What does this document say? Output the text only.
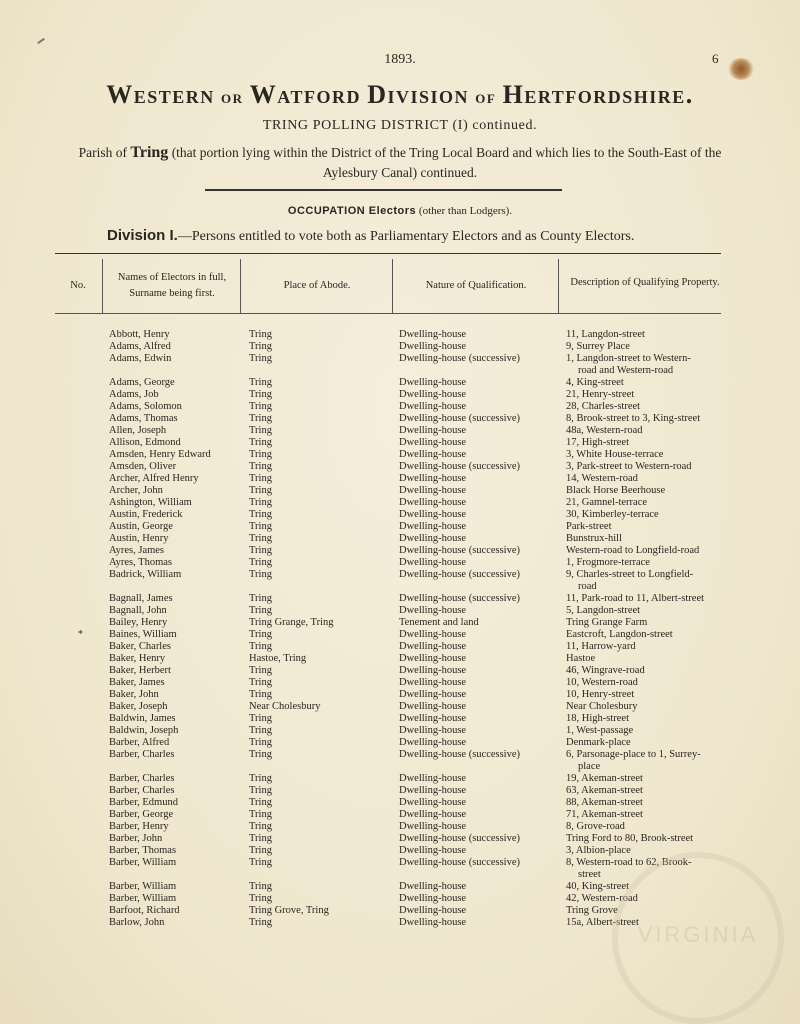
1893.	6
Western or Watford Division of Hertfordshire.
TRING POLLING DISTRICT (I) continued.
Parish of Tring (that portion lying within the District of the Tring Local Board and which lies to the South-East of the Aylesbury Canal) continued.
OCCUPATION Electors (other than Lodgers).
Division I.—Persons entitled to vote both as Parliamentary Electors and as County Electors.
No.
Names of Electors in full, Surname being first.
Place of Abode.	Nature of Qualification.	Description of Qualifying Property.
*
Abbott, Henry	Tring	Dwelling-house	11, Langdon-street
Adams, Alfred	Tring	Dwelling-house	9, Surrey Place
Adams, Edwin	Tring	Dwelling-house (successive)	1, Langdon-street to Western-
road and Western-road
Adams, George	Tring	Dwelling-house	4, King-street
Adams, Job	Tring	Dwelling-house	21, Henry-street
Adams, Solomon	Tring	Dwelling-house	28, Charles-street
Adams, Thomas	Tring	Dwelling-house (successive)	8, Brook-street to 3, King-street
Allen, Joseph	Tring	Dwelling-house	48a, Western-road
Allison, Edmond	Tring	Dwelling-house	17, High-street
Amsden, Henry Edward	Tring	Dwelling-house	3, White House-terrace
Amsden, Oliver	Tring	Dwelling-house (successive)	3, Park-street to Western-road
Archer, Alfred Henry	Tring	Dwelling-house	14, Western-road
Archer, John	Tring	Dwelling-house	Black Horse Beerhouse
Ashington, William	Tring	Dwelling-house	21, Gamnel-terrace
Austin, Frederick	Tring	Dwelling-house	30, Kimberley-terrace
Austin, George	Tring	Dwelling-house	Park-street
Austin, Henry	Tring	Dwelling-house	Bunstrux-hill
Ayres, James	Tring	Dwelling-house (successive)	Western-road to Longfield-road
Ayres, Thomas	Tring	Dwelling-house	1, Frogmore-terrace
Badrick, William	Tring	Dwelling-house (successive)	9, Charles-street to Longfield-
road
Bagnall, James	Tring	Dwelling-house (successive)	11, Park-road to 11, Albert-street
Bagnall, John	Tring	Dwelling-house	5, Langdon-street
Bailey, Henry	Tring Grange, Tring	Tenement and land	Tring Grange Farm
Baines, William	Tring	Dwelling-house	Eastcroft, Langdon-street
Baker, Charles	Tring	Dwelling-house	11, Harrow-yard
Baker, Henry	Hastoe, Tring	Dwelling-house	Hastoe
Baker, Herbert	Tring	Dwelling-house	46, Wingrave-road
Baker, James	Tring	Dwelling-house	10, Western-road
Baker, John	Tring	Dwelling-house	10, Henry-street
Baker, Joseph	Near Cholesbury	Dwelling-house	Near Cholesbury
Baldwin, James	Tring	Dwelling-house	18, High-street
Baldwin, Joseph	Tring	Dwelling-house	1, West-passage
Barber, Alfred	Tring	Dwelling-house	Denmark-place
Barber, Charles	Tring	Dwelling-house (successive)	6, Parsonage-place to 1, Surrey-
place
Barber, Charles	Tring	Dwelling-house	19, Akeman-street
Barber, Charles	Tring	Dwelling-house	63, Akeman-street
Barber, Edmund	Tring	Dwelling-house	88, Akeman-street
Barber, George	Tring	Dwelling-house	71, Akeman-street
Barber, Henry	Tring	Dwelling-house	8, Grove-road
Barber, John	Tring	Dwelling-house (successive)	Tring Ford to 80, Brook-street
Barber, Thomas	Tring	Dwelling-house	3, Albion-place
Barber, William	Tring	Dwelling-house (successive)	8, Western-road to 62, Brook-
street
Barber, William	Tring	Dwelling-house	40, King-street
Barber, William	Tring	Dwelling-house	42, Western-road
Barfoot, Richard	Tring Grove, Tring	Dwelling-house	Tring Grove
Barlow, John	Tring	Dwelling-house	15a, Albert-street
VIRGINIA
